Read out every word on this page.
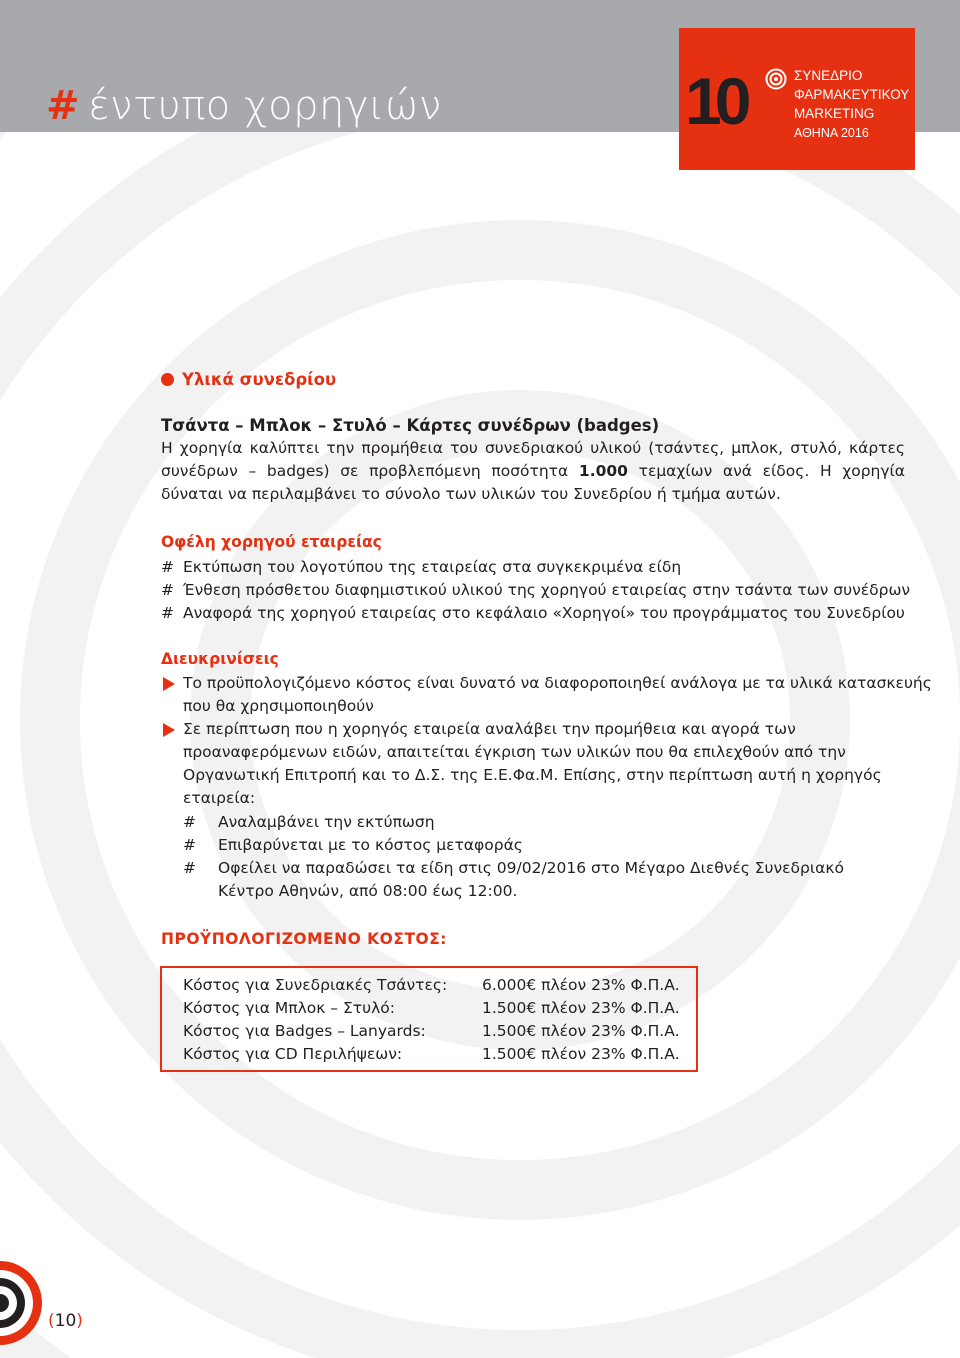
# έντυπο χορηγιών	10	ΣΥΝΕΔΡΙΟ
ΦΑΡΜΑΚΕΥΤΙΚΟΥ
MARKETING
ΑΘΗΝΑ 2016
Υλικά συνεδρίου
Τσάντα – Μπλοκ – Στυλό – Κάρτες συνέδρων (badges)
Η χορηγία καλύπτει την προμήθεια του συνεδριακού υλικού (τσάντες, μπλοκ, στυλό, κάρτες συνέδρων – badges) σε προβλεπόμενη ποσότητα 1.000 τεμαχίων ανά είδος. Η χορηγία δύναται να περιλαμβάνει το σύνολο των υλικών του Συνεδρίου ή τμήμα αυτών.
Οφέλη χορηγού εταιρείας
# Εκτύπωση του λογοτύπου της εταιρείας στα συγκεκριμένα είδη
# Ένθεση πρόσθετου διαφημιστικού υλικού της χορηγού εταιρείας στην τσάντα των συνέδρων
# Αναφορά της χορηγού εταιρείας στο κεφάλαιο «Χορηγοί» του προγράμματος του Συνεδρίου
Διευκρινίσεις
Το προϋπολογιζόμενο κόστος είναι δυνατό να διαφοροποιηθεί ανάλογα με τα υλικά κατασκευής
που θα χρησιμοποιηθούν
Σε περίπτωση που η χορηγός εταιρεία αναλάβει την προμήθεια και αγορά των
προαναφερόμενων ειδών, απαιτείται έγκριση των υλικών που θα επιλεχθούν από την
Οργανωτική Επιτροπή και το Δ.Σ. της Ε.Ε.Φα.Μ. Επίσης, στην περίπτωση αυτή η χορηγός
εταιρεία:
# Αναλαμβάνει την εκτύπωση
# Επιβαρύνεται με το κόστος μεταφοράς
# Οφείλει να παραδώσει τα είδη στις 09/02/2016 στο Μέγαρο Διεθνές Συνεδριακό
Κέντρο Αθηνών, από 08:00 έως 12:00.
ΠΡΟΫΠΟΛΟΓΙΖΟΜΕΝΟ ΚΟΣΤΟΣ:
Κόστος για Συνεδριακές Τσάντες: 6.000€ πλέον 23% Φ.Π.Α.
Κόστος για Μπλοκ – Στυλό:	1.500€ πλέον 23% Φ.Π.Α.
Κόστος για Badges – Lanyards:	1.500€ πλέον 23% Φ.Π.Α.
Κόστος για CD Περιλήψεων:	1.500€ πλέον 23% Φ.Π.Α.
(10)
